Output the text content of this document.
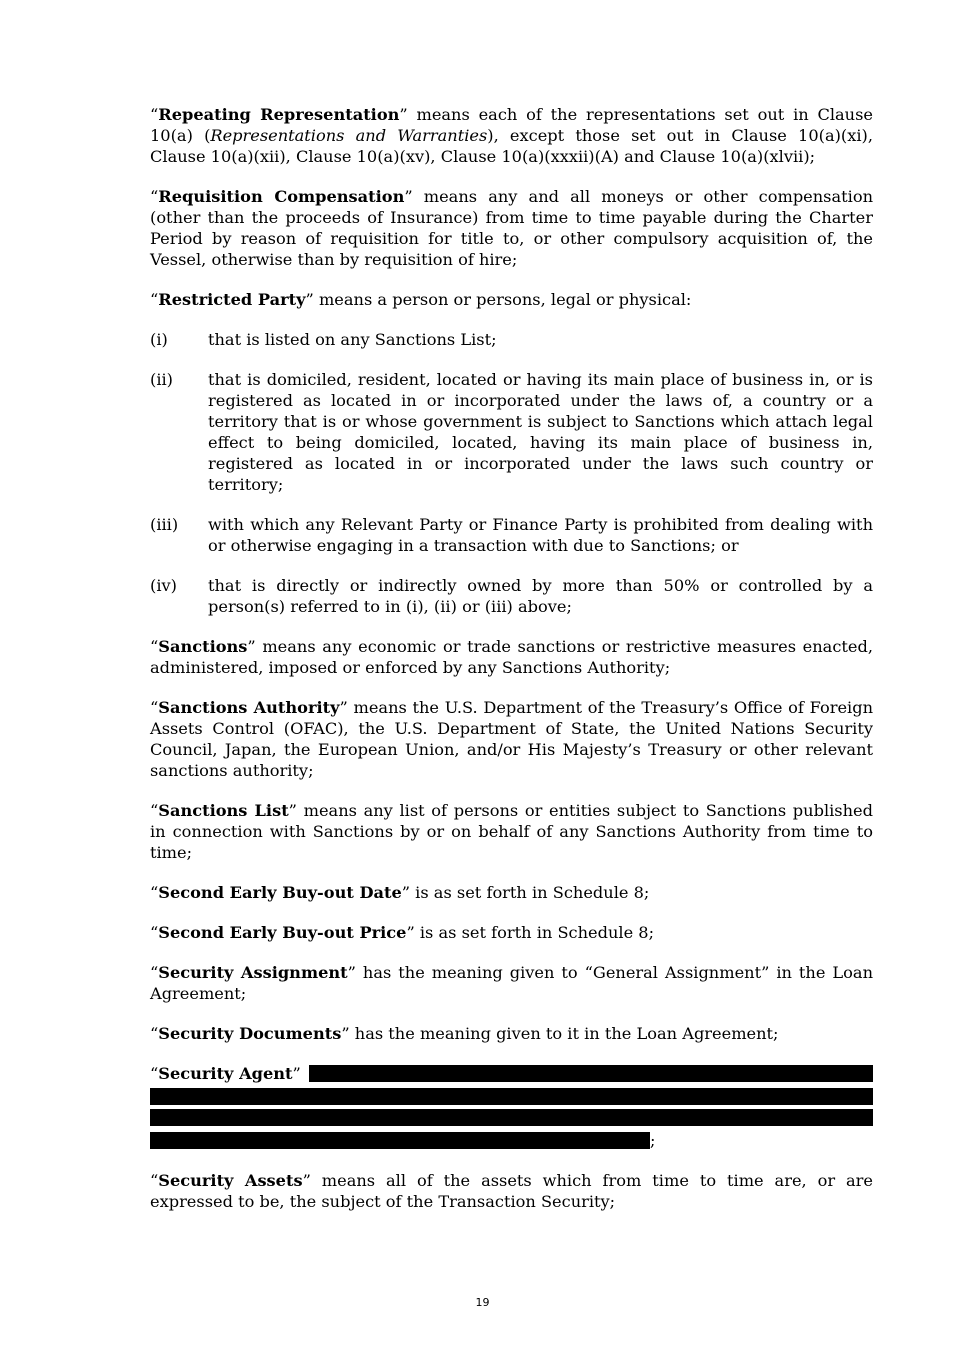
“Repeating Representation” means each of the representations set out in Clause 10(a) (Representations and Warranties), except those set out in Clause 10(a)(xi), Clause 10(a)(xii), Clause 10(a)(xv), Clause 10(a)(xxxii)(A) and Clause 10(a)(xlvii);

“Requisition Compensation” means any and all moneys or other compensation (other than the proceeds of Insurance) from time to time payable during the Charter Period by reason of requisition for title to, or other compulsory acquisition of, the Vessel, otherwise than by requisition of hire;

“Restricted Party” means a person or persons, legal or physical:

(i)	that is listed on any Sanctions List;
(ii)	that is domiciled, resident, located or having its main place of business in, or is registered as located in or incorporated under the laws of, a country or a territory that is or whose government is subject to Sanctions which attach legal effect to being domiciled, located, having its main place of business in, registered as located in or incorporated under the laws such country or territory;
(iii)	with which any Relevant Party or Finance Party is prohibited from dealing with or otherwise engaging in a transaction with due to Sanctions; or
(iv)	that is directly or indirectly owned by more than 50% or controlled by a person(s) referred to in (i), (ii) or (iii) above;

“Sanctions” means any economic or trade sanctions or restrictive measures enacted, administered, imposed or enforced by any Sanctions Authority;

“Sanctions Authority” means the U.S. Department of the Treasury’s Office of Foreign Assets Control (OFAC), the U.S. Department of State, the United Nations Security Council, Japan, the European Union, and/or His Majesty’s Treasury or other relevant sanctions authority;

“Sanctions List” means any list of persons or entities subject to Sanctions published in connection with Sanctions by or on behalf of any Sanctions Authority from time to time;

“Second Early Buy-out Date” is as set forth in Schedule 8;

“Second Early Buy-out Price” is as set forth in Schedule 8;

“Security Assignment” has the meaning given to “General Assignment” in the Loan Agreement;

“Security Documents” has the meaning given to it in the Loan Agreement;

“Security Agent”
;

“Security Assets” means all of the assets which from time to time are, or are expressed to be, the subject of the Transaction Security;

19
